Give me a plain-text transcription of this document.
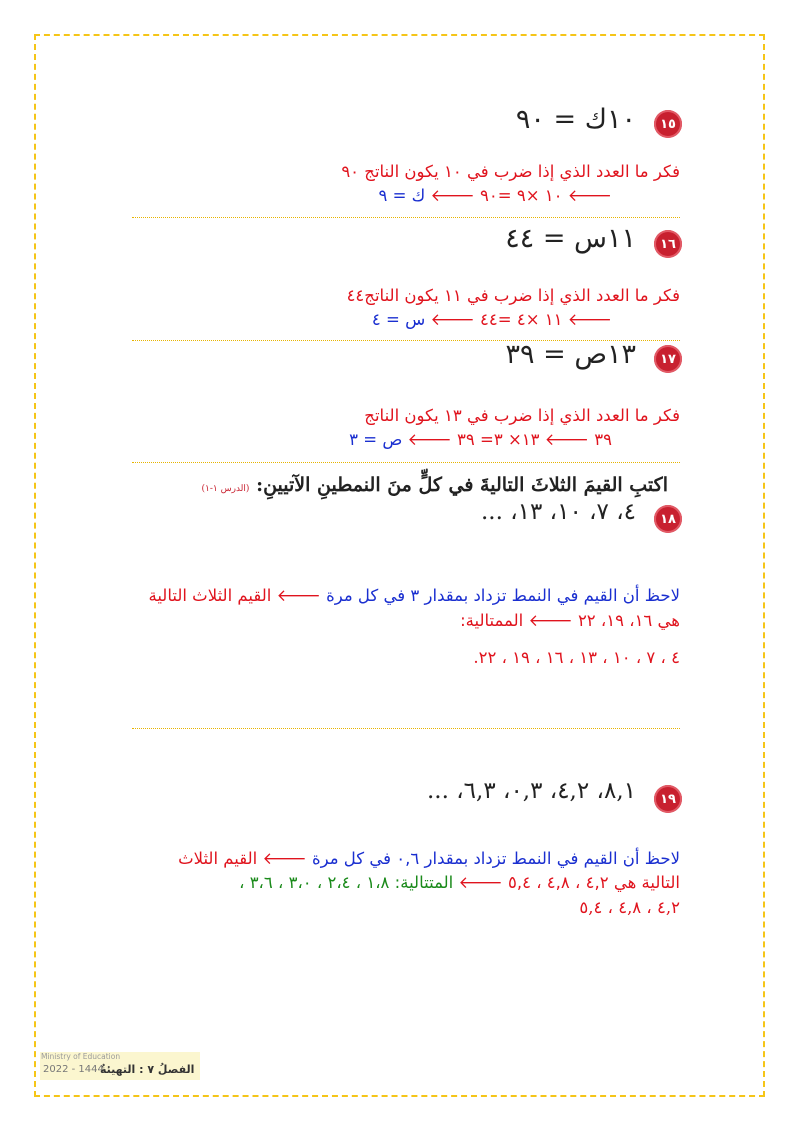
١٥
١٠ك = ٩٠
فكر ما العدد الذي إذا ضرب في ١٠ يكون الناتج ٩٠
🡐 ١٠ ×٩ =٩٠ 🡐 ك = ٩
١٦
١١س = ٤٤
فكر ما العدد الذي إذا ضرب في ١١ يكون الناتج٤٤
🡐 ١١ ×٤ =٤٤ 🡐 س = ٤
١٧
١٣ص = ٣٩
فكر ما العدد الذي إذا ضرب في ١٣ يكون الناتج
٣٩ 🡐 ١٣× ٣= ٣٩ 🡐 ص = ٣
اكتبِ القيمَ الثلاثَ التاليةَ في كلٍّ منَ النمطينِ الآتيينِ: (الدرس ١-١)
١٨
٤، ٧، ١٠، ١٣، ...
لاحظ أن القيم في النمط تزداد بمقدار ٣ في كل مرة 🡐 القيم الثلاث التالية
هي ١٦، ١٩، ٢٢ 🡐 الممتالية:
٤ ، ٧ ، ١٠ ، ١٣ ، ١٦ ، ١٩ ، ٢٢.
١٩
٨,١، ٤,٢، ٠,٣، ٦,٣، ...
لاحظ أن القيم في النمط تزداد بمقدار ٠,٦ في كل مرة 🡐 القيم الثلاث
التالية هي ٤,٢ ، ٤,٨ ، ٥,٤ 🡐 المتتالية: ١،٨ ، ٢،٤ ، ٣،٠ ، ٣،٦ ،
٤,٢ ، ٤,٨ ، ٥,٤
Ministry of Education
2022 - 1444
الفصلُ ٧ : التهيئةُ
